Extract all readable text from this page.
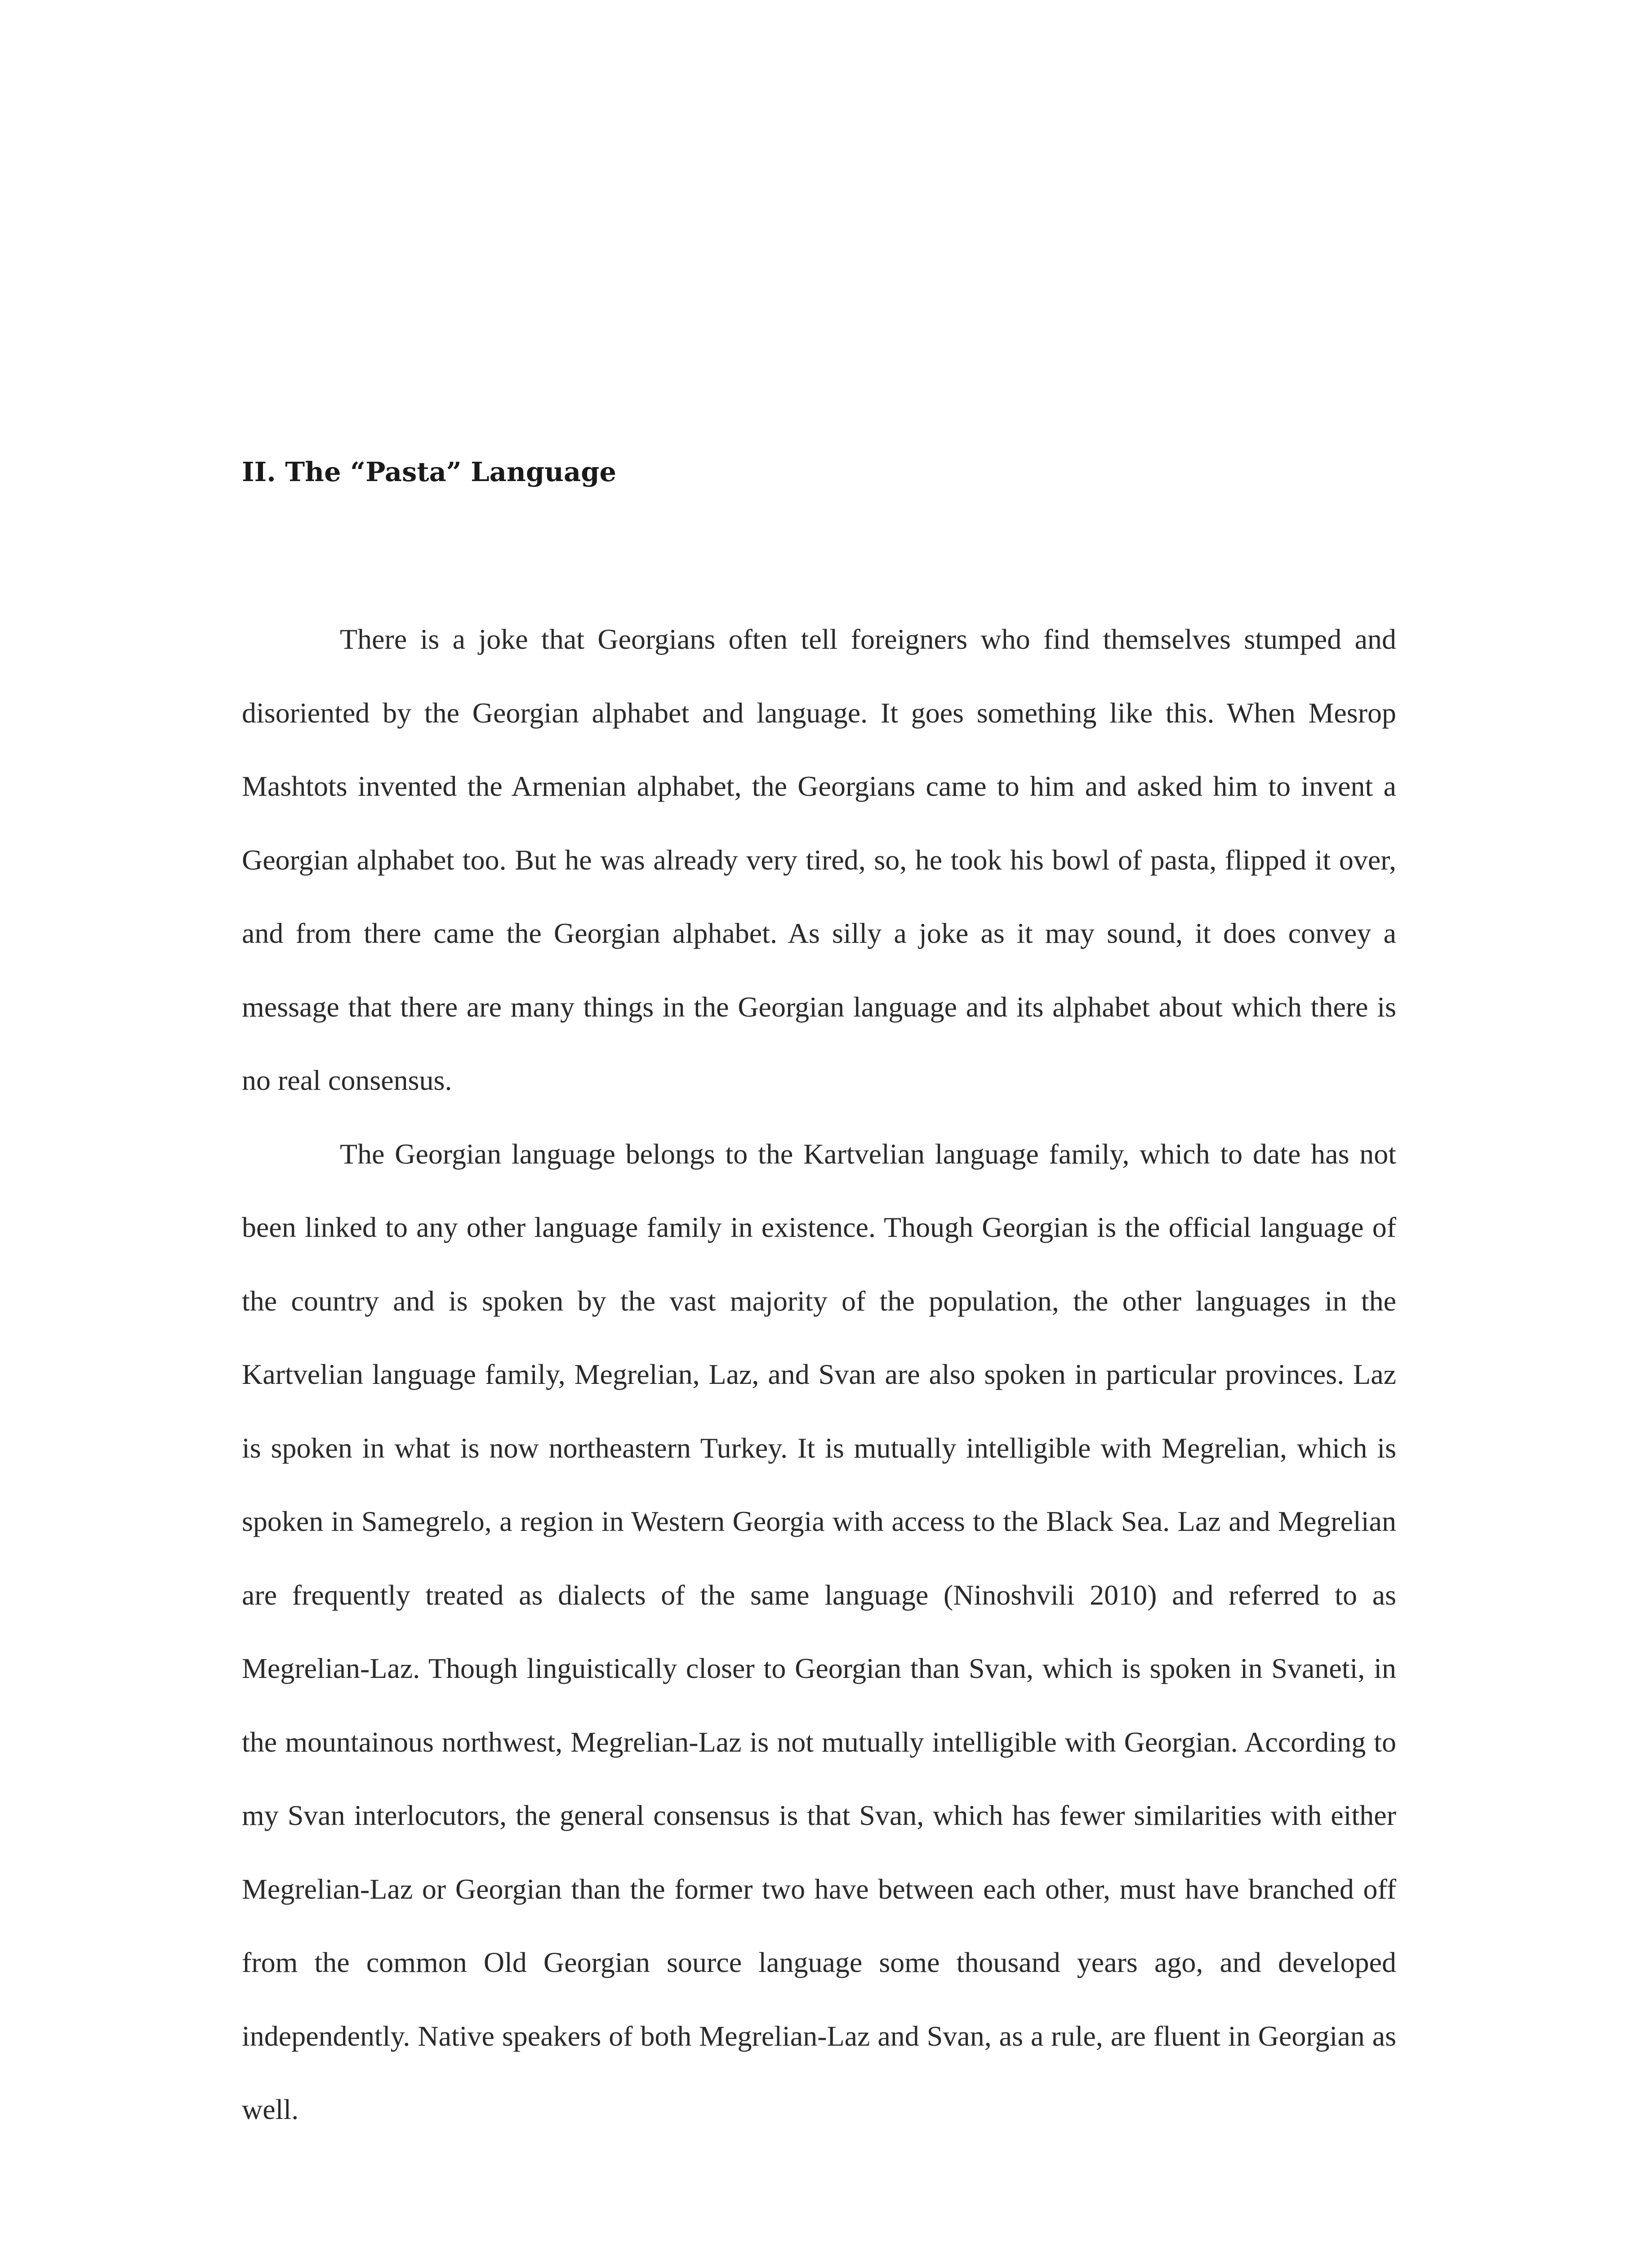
II. The “Pasta” Language

There is a joke that Georgians often tell foreigners who find themselves stumped and disoriented by the Georgian alphabet and language. It goes something like this. When Mesrop Mashtots invented the Armenian alphabet, the Georgians came to him and asked him to invent a Georgian alphabet too. But he was already very tired, so, he took his bowl of pasta, flipped it over, and from there came the Georgian alphabet. As silly a joke as it may sound, it does convey a message that there are many things in the Georgian language and its alphabet about which there is no real consensus.

The Georgian language belongs to the Kartvelian language family, which to date has not been linked to any other language family in existence. Though Georgian is the official language of the country and is spoken by the vast majority of the population, the other languages in the Kartvelian language family, Megrelian, Laz, and Svan are also spoken in particular provinces. Laz is spoken in what is now northeastern Turkey. It is mutually intelligible with Megrelian, which is spoken in Samegrelo, a region in Western Georgia with access to the Black Sea. Laz and Megrelian are frequently treated as dialects of the same language (Ninoshvili 2010) and referred to as Megrelian-Laz. Though linguistically closer to Georgian than Svan, which is spoken in Svaneti, in the mountainous northwest, Megrelian-Laz is not mutually intelligible with Georgian. According to my Svan interlocutors, the general consensus is that Svan, which has fewer similarities with either Megrelian-Laz or Georgian than the former two have between each other, must have branched off from the common Old Georgian source language some thousand years ago, and developed independently. Native speakers of both Megrelian-Laz and Svan, as a rule, are fluent in Georgian as well.
